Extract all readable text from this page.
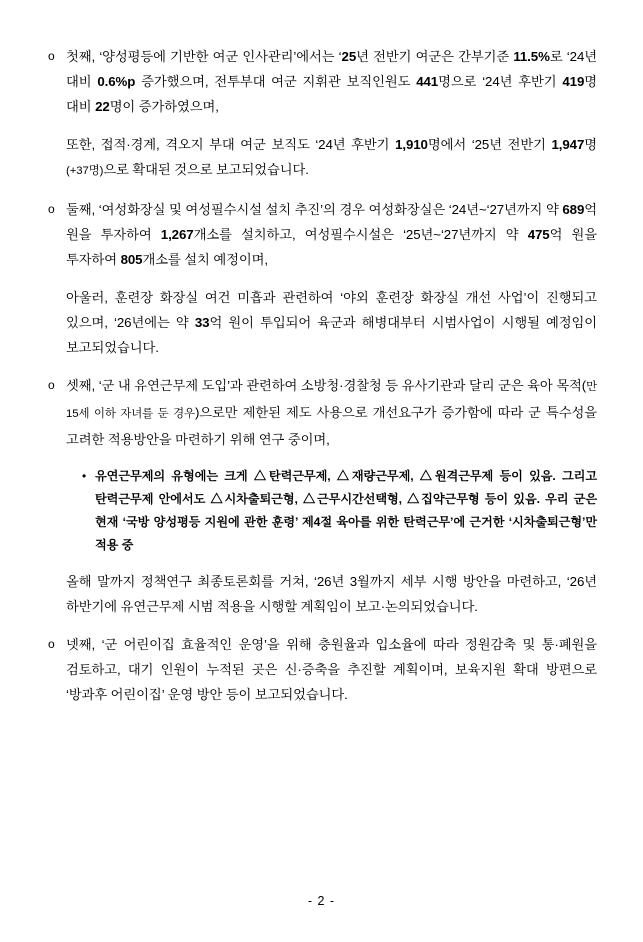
o 첫째, ‘양성평등에 기반한 여군 인사관리’에서는 ‘25년 전반기 여군은 간부기준 11.5%로 ‘24년 대비 0.6%p 증가했으며, 전투부대 여군 지휘관 보직인원도 441명으로 ‘24년 후반기 419명 대비 22명이 증가하였으며,
또한, 접적·경계, 격오지 부대 여군 보직도 ‘24년 후반기 1,910명에서 ‘25년 전반기 1,947명(+37명)으로 확대된 것으로 보고되었습니다.
o 둘째, ‘여성화장실 및 여성필수시설 설치 추진’의 경우 여성화장실은 ‘24년~‘27년까지 약 689억 원을 투자하여 1,267개소를 설치하고, 여성필수시설은 ‘25년~‘27년까지 약 475억 원을 투자하여 805개소를 설치 예정이며,
아울러, 훈련장 화장실 여건 미흡과 관련하여 ‘야외 훈련장 화장실 개선 사업’이 진행되고 있으며, ‘26년에는 약 33억 원이 투입되어 육군과 해병대부터 시범사업이 시행될 예정임이 보고되었습니다.
o 셋째, ‘군 내 유연근무제 도입’과 관련하여 소방청·경찰청 등 유사기관과 달리 군은 육아 목적(만 15세 이하 자녀를 둔 경우)으로만 제한된 제도 사용으로 개선요구가 증가함에 따라 군 특수성을 고려한 적용방안을 마련하기 위해 연구 중이며,
• 유연근무제의 유형에는 크게 △탄력근무제, △재량근무제, △원격근무제 등이 있음. 그리고 탄력근무제 안에서도 △시차출퇴근형, △근무시간선택형, △집약근무형 등이 있음. 우리 군은 현재 ‘국방 양성평등 지원에 관한 훈령’ 제4절 육아를 위한 탄력근무’에 근거한 ‘시차출퇴근형’만 적용 중
올해 말까지 정책연구 최종토론회를 거쳐, ‘26년 3월까지 세부 시행 방안을 마련하고, ‘26년 하반기에 유연근무제 시범 적용을 시행할 계획임이 보고·논의되었습니다.
o 넷째, ‘군 어린이집 효율적인 운영’을 위해 충원율과 입소율에 따라 정원감축 및 통·폐원을 검토하고, 대기 인원이 누적된 곳은 신·증축을 추진할 계획이며, 보육지원 확대 방편으로 ‘방과후 어린이집’ 운영 방안 등이 보고되었습니다.
- 2 -
